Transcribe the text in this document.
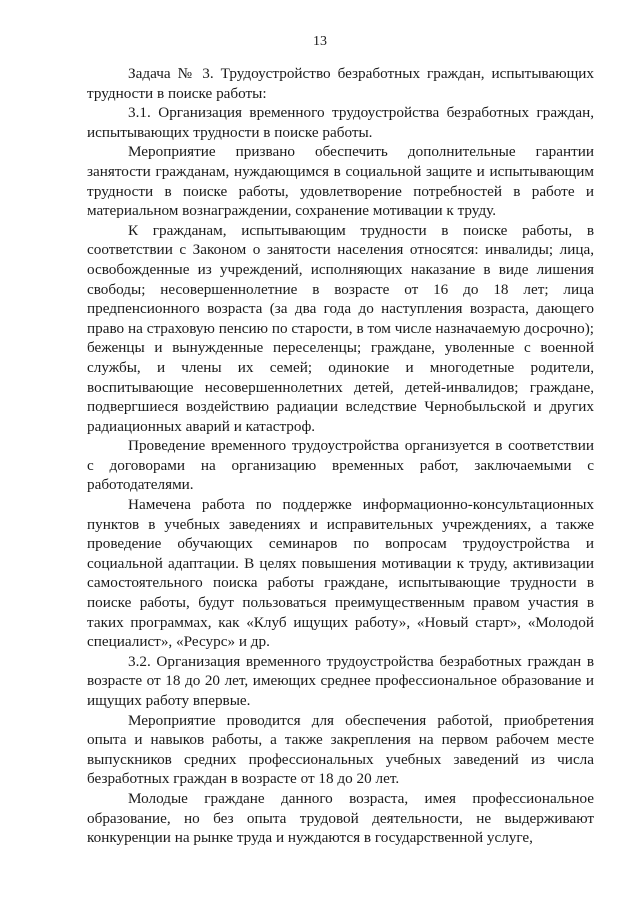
13

Задача № 3. Трудоустройство безработных граждан, испытывающих трудности в поиске работы:

3.1. Организация временного трудоустройства безработных граждан, испытывающих трудности в поиске работы.

Мероприятие призвано обеспечить дополнительные гарантии занятости гражданам, нуждающимся в социальной защите и испытывающим трудности в поиске работы, удовлетворение потребностей в работе и материальном вознаграждении, сохранение мотивации к труду.

К гражданам, испытывающим трудности в поиске работы, в соответствии с Законом о занятости населения относятся: инвалиды; лица, освобожденные из учреждений, исполняющих наказание в виде лишения свободы; несовершеннолетние в возрасте от 16 до 18 лет; лица предпенсионного возраста (за два года до наступления возраста, дающего право на страховую пенсию по старости, в том числе назначаемую досрочно); беженцы и вынужденные переселенцы; граждане, уволенные с военной службы, и члены их семей; одинокие и многодетные родители, воспитывающие несовершеннолетних детей, детей-инвалидов; граждане, подвергшиеся воздействию радиации вследствие Чернобыльской и других радиационных аварий и катастроф.

Проведение временного трудоустройства организуется в соответствии с договорами на организацию временных работ, заключаемыми с работодателями.

Намечена работа по поддержке информационно-консультационных пунктов в учебных заведениях и исправительных учреждениях, а также проведение обучающих семинаров по вопросам трудоустройства и социальной адаптации. В целях повышения мотивации к труду, активизации самостоятельного поиска работы граждане, испытывающие трудности в поиске работы, будут пользоваться преимущественным правом участия в таких программах, как «Клуб ищущих работу», «Новый старт», «Молодой специалист», «Ресурс» и др.

3.2. Организация временного трудоустройства безработных граждан в возрасте от 18 до 20 лет, имеющих среднее профессиональное образование и ищущих работу впервые.

Мероприятие проводится для обеспечения работой, приобретения опыта и навыков работы, а также закрепления на первом рабочем месте выпускников средних профессиональных учебных заведений из числа безработных граждан в возрасте от 18 до 20 лет.

Молодые граждане данного возраста, имея профессиональное образование, но без опыта трудовой деятельности, не выдерживают конкуренции на рынке труда и нуждаются в государственной услуге,
